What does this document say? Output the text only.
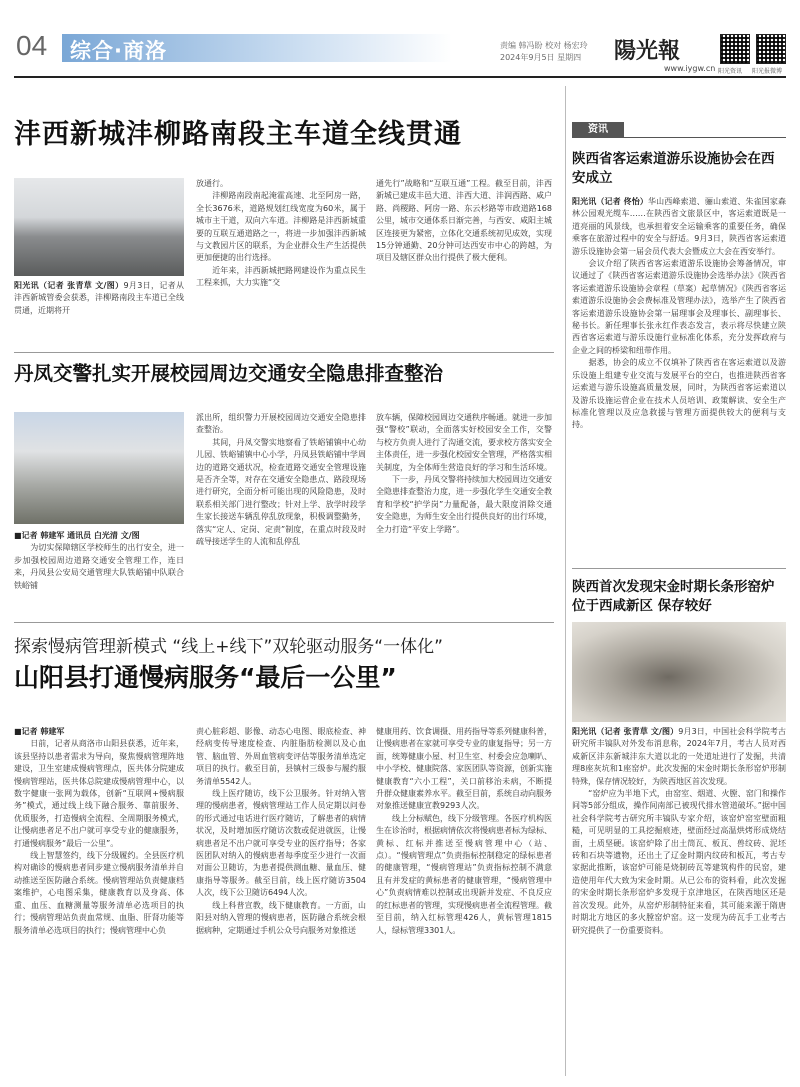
04 综合·商洛	责编 韩冯盼 校对 杨宏玲
2024年9月5日 星期四 陽光報
www.iygw.cn 阳光资讯 阳光报微博
沣西新城沣柳路南段主车道全线贯通

阳光讯（记者 张青草 文/图）9月3日，记者从沣西新城管委会获悉，沣柳路南段主车道已全线贯通，近期将开

放通行。
　　沣柳路南段南起淹霍高速、北至阿房一路，全长3676米，道路规划红线宽度为60米，属于城市主干道，双向六车道。沣柳路是沣西新城重要的互联互通道路之一，将进一步加强沣西新城与文教园片区的联系，为企业群众生产生活提供更加便捷的出行选择。
　　近年来，沣西新城把路网建设作为重点民生工程来抓，大力实施“交

通先行”战略和“互联互通”工程。截至目前，沣西新城已建成丰邑大道、沣西大道、沣润西路、咸户路、尚稷路、阿房一路、东云杉路等市政道路168公里，城市交通体系日渐完善，与西安、咸阳主城区连接更为紧密，立体化交通系统初见成效，实现15分钟通勤、20分钟可达西安市中心的跨越，为项目及辖区群众出行提供了极大便利。

丹凤交警扎实开展校园周边交通安全隐患排查整治

■记者 韩建军 通讯员 白光清 文/图
　　为切实保障辖区学校师生的出行安全，进一步加强校园周边道路交通安全管理工作，连日来，丹凤县公安局交通管理大队铁峪铺中队联合铁峪铺

派出所，组织警力开展校园周边交通安全隐患排查整治。
　　其间，丹凤交警实地察看了铁峪铺镇中心幼儿园、铁峪铺镇中心小学，丹凤县铁峪铺中学周边的道路交通状况，检查道路交通安全管理设施是否齐全等，对存在交通安全隐患点、路段现场进行研究，全面分析可能出现的风险隐患，及时联系相关部门进行整改；针对上学、放学时段学生家长接送车辆乱停乱放现象，积极调整勤务，落实“定人、定岗、定责”制度，在重点时段及时疏导接送学生的人流和乱停乱

放车辆，保障校园周边交通秩序畅通。就进一步加强“警校”联动，全面落实好校园安全工作，交警与校方负责人进行了沟通交流，要求校方落实安全主体责任，进一步强化校园安全管理，严格落实相关制度，为全体师生营造良好的学习和生活环境。
　　下一步，丹凤交警将持续加大校园周边交通安全隐患排查整治力度，进一步强化学生交通安全教育和学校“护学岗”力量配备，最大限度消除交通安全隐患，为师生安全出行提供良好的出行环境，全力打造“平安上学路”。

探索慢病管理新模式 “线上+线下”双轮驱动服务“一体化”
山阳县打通慢病服务“最后一公里”

■记者 韩建军
　　日前，记者从商洛市山阳县获悉，近年来，该县坚持以患者需求为导向，聚焦慢病管理阵地建设，卫生室建成慢病管理点，医共体分院建成慢病管理站，医共体总院建成慢病管理中心，以数字健康一张网为载体，创新“互联网+慢病服务”模式，通过线上线下融合服务、靠前服务、优质服务，打造慢病全流程、全周期服务模式，让慢病患者足不出户就可享受专业的健康服务，打通慢病服务“最后一公里”。
　　线上智慧签约，线下分级履约。全县医疗机构对确诊的慢病患者同步建立慢病服务清单并自动推送至医防融合系统。慢病管理站负责健康档案维护，心电图采集，健康教育以及身高、体重、血压、血糖测量等服务清单必选项目的执行；慢病管理站负责血常规、血脂、肝肾功能等服务清单必选项目的执行；慢病管理中心负

责心脏彩超、影像、动态心电图、眼底检查、神经病变传导速度检查、内脏脂肪检测以及心血管、脑血管、外周血管病变评估等服务清单选定项目的执行。截至目前，县镇村三级参与履约服务清单5542人。
　　线上医疗随访，线下公卫服务。针对纳入管理的慢病患者，慢病管理站工作人员定期以问卷的形式通过电话进行医疗随访，了解患者的病情状况，及时增加医疗随访次数或促进就医，让慢病患者足不出户就可享受专业的医疗指导；各家医团队对纳入的慢病患者每季度至少进行一次面对面公卫随访，为患者提供测血糖、量血压、健康指导等服务。截至目前，线上医疗随访3504人次，线下公卫随访6494人次。
　　线上科普宣教，线下健康教育。一方面，山阳县对纳入管理的慢病患者，医防融合系统会根据病种，定期通过手机公众号向服务对象推送

健康用药、饮食调摄、用药指导等系列健康科普，让慢病患者在家就可享受专业的康复指导；另一方面，统筹健康小屋、村卫生室、村委会应急喇叭、中小学校、健康院落、家医团队等资源，创新实施健康教育“六小工程”，关口前移治未病，不断提升群众健康素养水平。截至目前，系统自动向服务对象推送健康宣教9293人次。
　　线上分标赋色，线下分级管理。各医疗机构医生在诊治时，根据病情依次将慢病患者标为绿标、黄标、红标并推送至慢病管理中心（站、点）。“慢病管理点”负责指标控制稳定的绿标患者的健康管理，“慢病管理站”负责指标控制不满意且有并发症的黄标患者的健康管理，“慢病管理中心”负责病情难以控制或出现新并发症、不良反应的红标患者的管理，实现慢病患者全流程管理。截至目前，纳入红标管理426人，黄标管理1815人，绿标管理3301人。

资讯
陕西省客运索道游乐设施协会在西安成立

阳光讯（记者 佟怡）华山西峰索道、骊山索道、朱雀国家森林公园观光缆车……在陕西省文旅景区中，客运索道既是一道亮丽的风景线，也承担着安全运输乘客的重要任务，确保乘客在旅游过程中的安全与舒适。9月3日，陕西省客运索道游乐设施协会第一届会员代表大会暨成立大会在西安举行。
　　会议介绍了陕西省客运索道游乐设施协会筹备情况，审议通过了《陕西省客运索道游乐设施协会选举办法》《陕西省客运索道游乐设施协会章程（草案）起草情况》《陕西省客运索道游乐设施协会会费标准及管理办法》，选举产生了陕西省客运索道游乐设施协会第一届理事会及理事长、副理事长、秘书长。新任理事长张永红作表态发言，表示将尽快建立陕西省客运索道与游乐设施行业标准化体系，充分发挥政府与企业之间的桥梁和纽带作用。
　　据悉，协会的成立不仅填补了陕西省在客运索道以及游乐设施上组建专业交流与发展平台的空白，也推进陕西省客运索道与游乐设施高质量发展，同时，为陕西省客运索道以及游乐设施运营企业在技术人员培训、政策解读、安全生产标准化管理以及应急救援与管理方面提供较大的便利与支持。

陕西首次发现宋金时期长条形窑炉位于西咸新区 保存较好

阳光讯（记者 张青草 文/图）9月3日，中国社会科学院考古研究所丰镐队对外发布消息称，2024年7月，考古人员对西咸新区沣东新城沣东大道以北的一处道址进行了发掘，共清理8座灰坑和1座窑炉。此次发掘的宋金时期长条形窑炉形制特殊，保存情况较好，为陕西地区首次发现。
　　“窑炉应为半地下式，由窑室、烟道、火膛、窑门和操作间等5部分组成，操作间南部已被现代排水管道破坏。”据中国社会科学院考古研究所丰镐队专家介绍，该窑炉窑室壁面粗糙，可见明显的工具挖掘痕迹，壁面经过高温烘烤形成烧结面，土质坚硬。该窑炉除了出土筒瓦、板瓦、兽纹砖、泥坯砖和石块等遗物，还出土了辽金时期内纹砖和板瓦，考古专家据此推断，该窑炉可能是烧制砖瓦等建筑构件的民窑，建造使用年代大致为宋金时期。从已公布的资料看，此次发掘的宋金时期长条形窑炉多发现于京津地区，在陕西地区还是首次发现。此外，从窑炉形制特征来看，其可能来源于隋唐时期北方地区的多火膛窑炉窑。这一发现为砖瓦手工业考古研究提供了一份重要资料。
